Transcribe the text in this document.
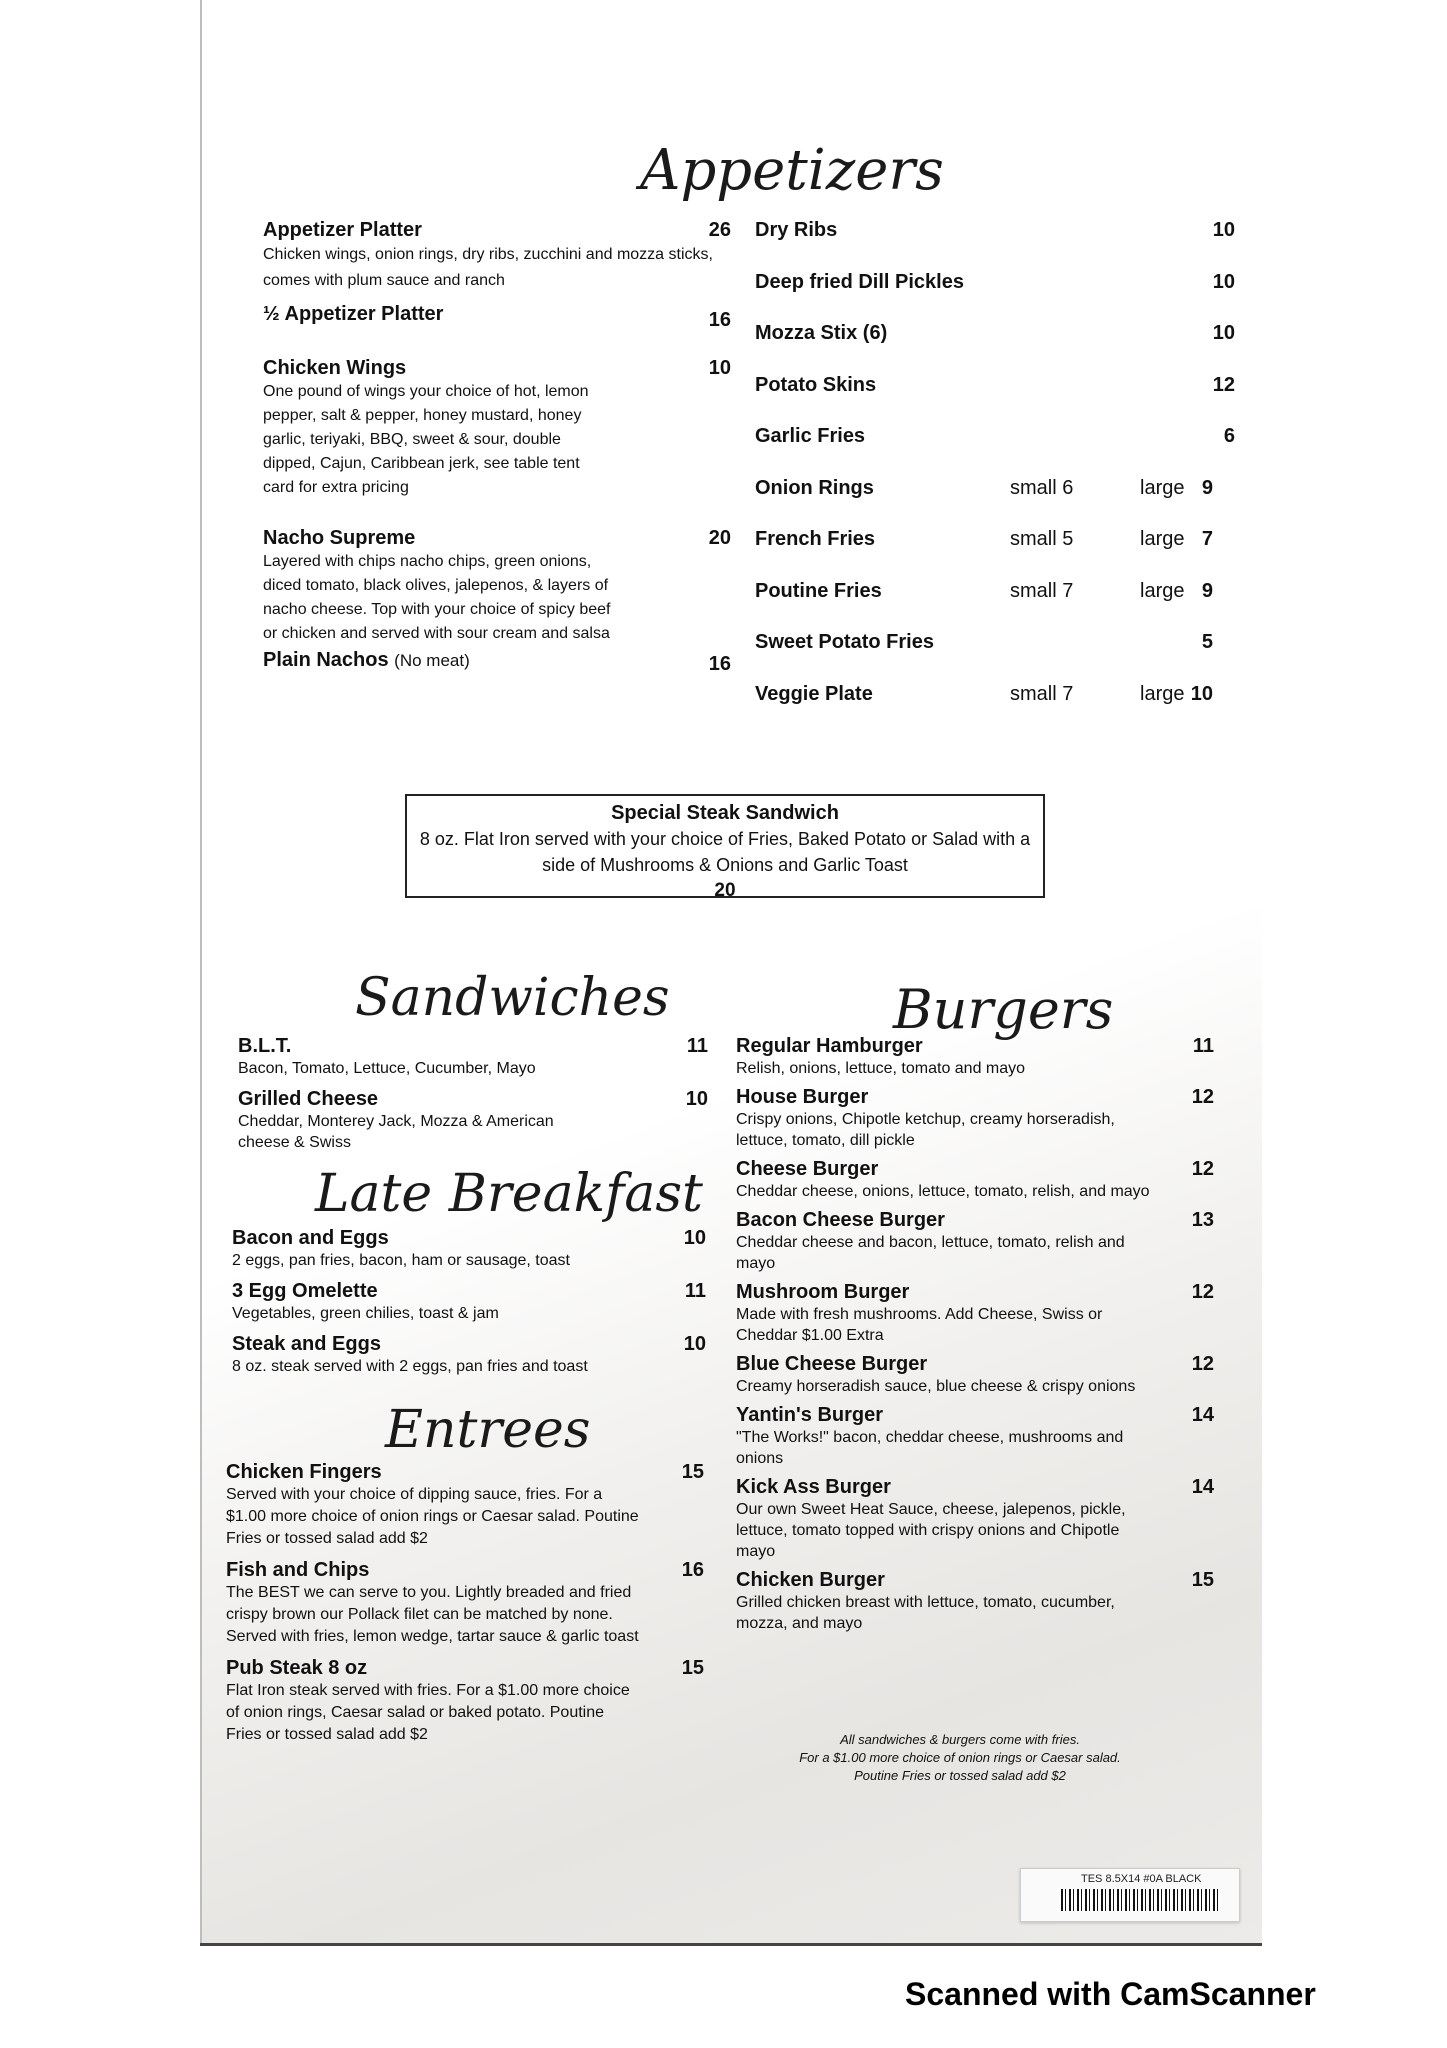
Appetizers
Appetizer Platter	26
Chicken wings, onion rings, dry ribs, zucchini and mozza sticks, comes with plum sauce and ranch
½ Appetizer Platter	16
Chicken Wings	10
One pound of wings your choice of hot, lemon pepper, salt & pepper, honey mustard, honey garlic, teriyaki, BBQ, sweet & sour, double dipped, Cajun, Caribbean jerk, see table tent card for extra pricing
Nacho Supreme	20
Layered with chips nacho chips, green onions, diced tomato, black olives, jalepenos, & layers of nacho cheese. Top with your choice of spicy beef or chicken and served with sour cream and salsa
Plain Nachos (No meat)	16
Dry Ribs	10
Deep fried Dill Pickles	10
Mozza Stix (6)	10
Potato Skins	12
Garlic Fries	6
Onion Rings	small 6	large 9
French Fries	small 5	large 7
Poutine Fries	small 7	large 9
Sweet Potato Fries	5
Veggie Plate	small 7	large 10
Special Steak Sandwich
8 oz. Flat Iron served with your choice of Fries, Baked Potato or Salad with a side of Mushrooms & Onions and Garlic Toast
20
Sandwiches
B.L.T.	11
Bacon, Tomato, Lettuce, Cucumber, Mayo
Grilled Cheese	10
Cheddar, Monterey Jack, Mozza & American cheese & Swiss
Late Breakfast
Bacon and Eggs	10
2 eggs, pan fries, bacon, ham or sausage, toast
3 Egg Omelette	11
Vegetables, green chilies, toast & jam
Steak and Eggs	10
8 oz. steak served with 2 eggs, pan fries and toast
Entrees
Chicken Fingers	15
Served with your choice of dipping sauce, fries. For a $1.00 more choice of onion rings or Caesar salad. Poutine Fries or tossed salad add $2
Fish and Chips	16
The BEST we can serve to you. Lightly breaded and fried crispy brown our Pollack filet can be matched by none. Served with fries, lemon wedge, tartar sauce & garlic toast
Pub Steak 8 oz	15
Flat Iron steak served with fries. For a $1.00 more choice of onion rings, Caesar salad or baked potato. Poutine Fries or tossed salad add $2
Burgers
Regular Hamburger	11
Relish, onions, lettuce, tomato and mayo
House Burger	12
Crispy onions, Chipotle ketchup, creamy horseradish, lettuce, tomato, dill pickle
Cheese Burger	12
Cheddar cheese, onions, lettuce, tomato, relish, and mayo
Bacon Cheese Burger	13
Cheddar cheese and bacon, lettuce, tomato, relish and mayo
Mushroom Burger	12
Made with fresh mushrooms. Add Cheese, Swiss or Cheddar $1.00 Extra
Blue Cheese Burger	12
Creamy horseradish sauce, blue cheese & crispy onions
Yantin's Burger	14
"The Works!" bacon, cheddar cheese, mushrooms and onions
Kick Ass Burger	14
Our own Sweet Heat Sauce, cheese, jalepenos, pickle, lettuce, tomato topped with crispy onions and Chipotle mayo
Chicken Burger	15
Grilled chicken breast with lettuce, tomato, cucumber, mozza, and mayo
All sandwiches & burgers come with fries.
For a $1.00 more choice of onion rings or Caesar salad.
Poutine Fries or tossed salad add $2
TES 8.5X14 #0A BLACK
Scanned with CamScanner
